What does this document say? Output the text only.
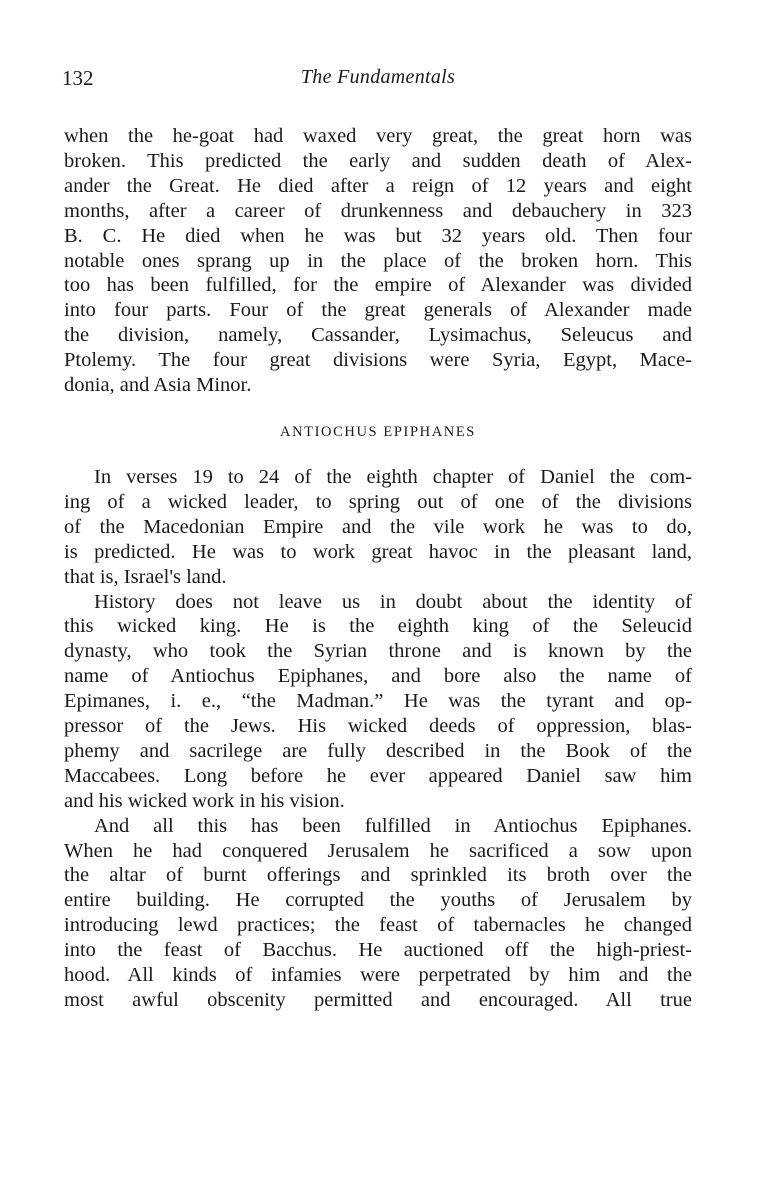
132	The Fundamentals
when the he-goat had waxed very great, the great horn was
broken. This predicted the early and sudden death of Alex-
ander the Great. He died after a reign of 12 years and eight
months, after a career of drunkenness and debauchery in 323
B. C. He died when he was but 32 years old. Then four
notable ones sprang up in the place of the broken horn. This
too has been fulfilled, for the empire of Alexander was divided
into four parts. Four of the great generals of Alexander made
the division, namely, Cassander, Lysimachus, Seleucus and
Ptolemy. The four great divisions were Syria, Egypt, Mace-
donia, and Asia Minor.
ANTIOCHUS EPIPHANES
In verses 19 to 24 of the eighth chapter of Daniel the com-
ing of a wicked leader, to spring out of one of the divisions
of the Macedonian Empire and the vile work he was to do,
is predicted. He was to work great havoc in the pleasant land,
that is, Israel's land.
History does not leave us in doubt about the identity of
this wicked king. He is the eighth king of the Seleucid
dynasty, who took the Syrian throne and is known by the
name of Antiochus Epiphanes, and bore also the name of
Epimanes, i. e., “the Madman.” He was the tyrant and op-
pressor of the Jews. His wicked deeds of oppression, blas-
phemy and sacrilege are fully described in the Book of the
Maccabees. Long before he ever appeared Daniel saw him
and his wicked work in his vision.
And all this has been fulfilled in Antiochus Epiphanes.
When he had conquered Jerusalem he sacrificed a sow upon
the altar of burnt offerings and sprinkled its broth over the
entire building. He corrupted the youths of Jerusalem by
introducing lewd practices; the feast of tabernacles he changed
into the feast of Bacchus. He auctioned off the high-priest-
hood. All kinds of infamies were perpetrated by him and the
most awful obscenity permitted and encouraged. All true
